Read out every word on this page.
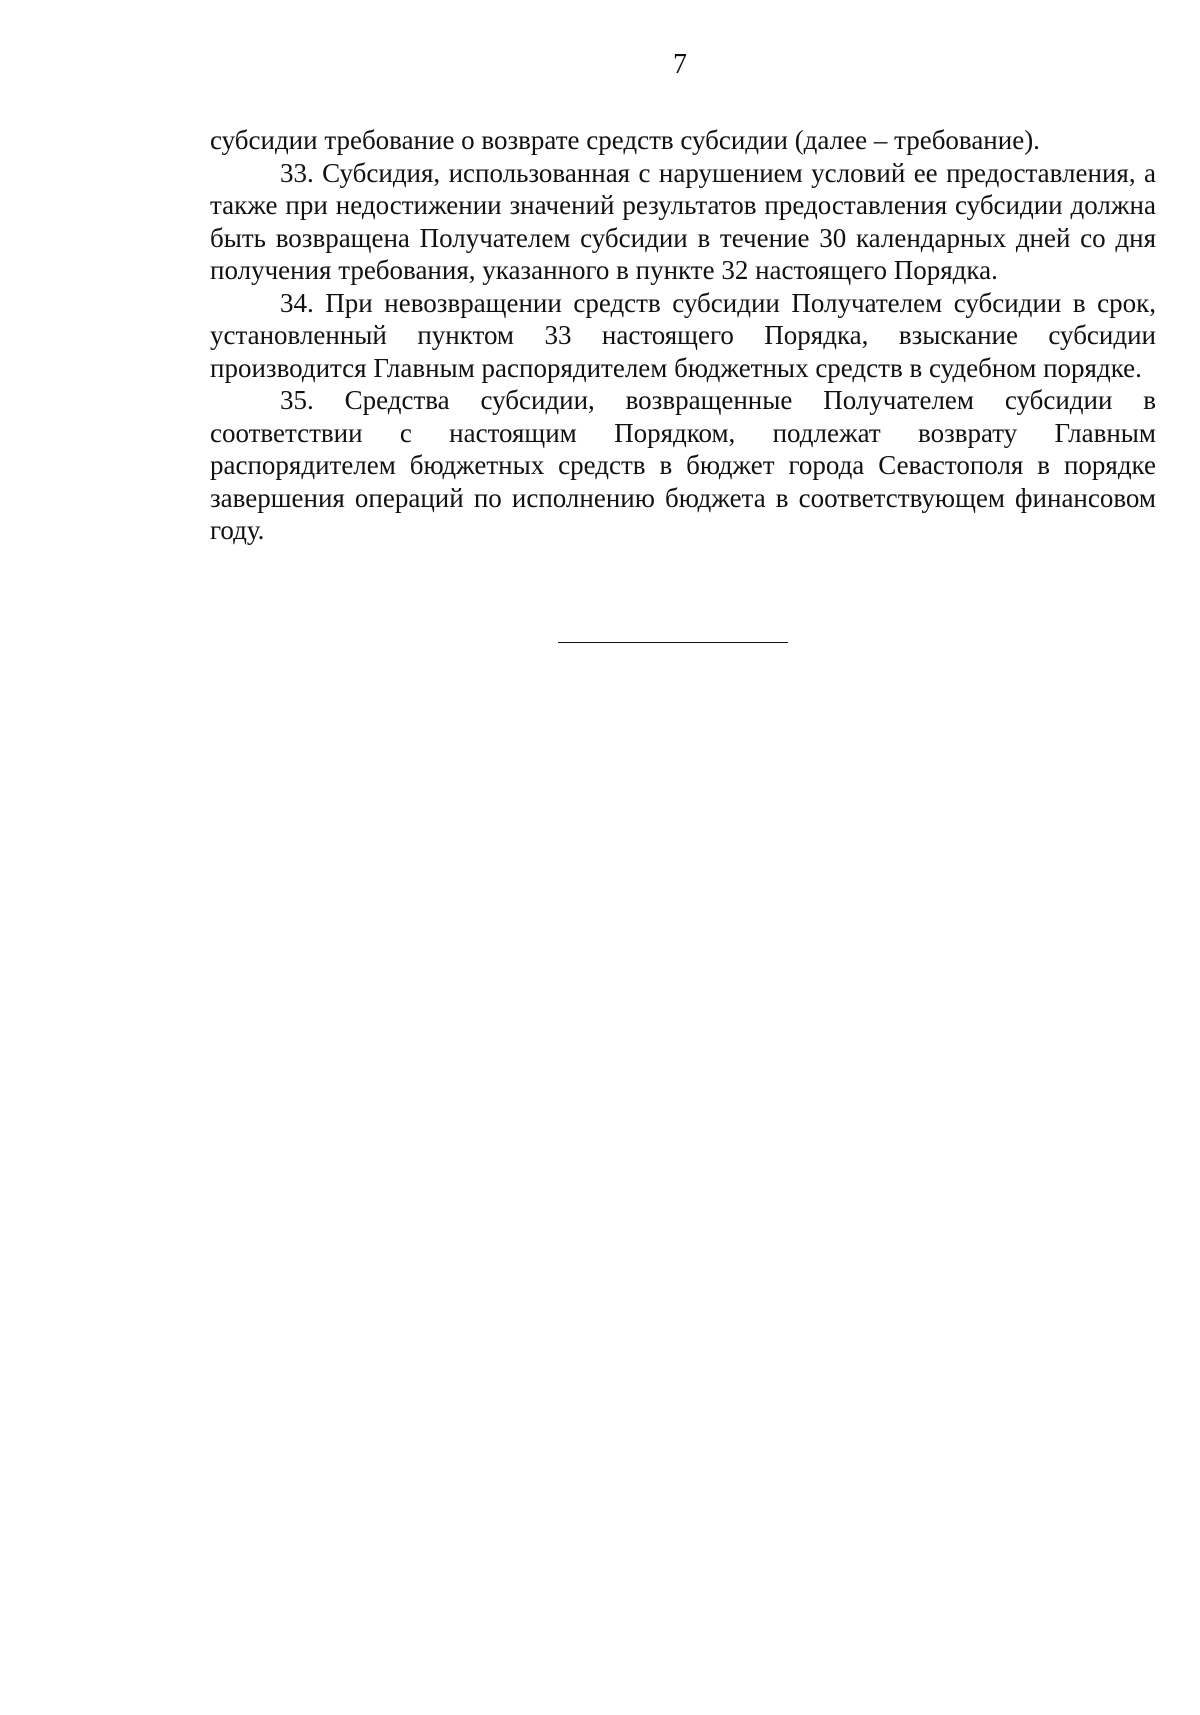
7

субсидии требование о возврате средств субсидии (далее – требование).

33. Субсидия, использованная с нарушением условий ее предоставления, а также при недостижении значений результатов предоставления субсидии должна быть возвращена Получателем субсидии в течение 30 календарных дней со дня получения требования, указанного в пункте 32 настоящего Порядка.

34. При невозвращении средств субсидии Получателем субсидии в срок, установленный пунктом 33 настоящего Порядка, взыскание субсидии производится Главным распорядителем бюджетных средств в судебном порядке.

35. Средства субсидии, возвращенные Получателем субсидии в соответствии с настоящим Порядком, подлежат возврату Главным распорядителем бюджетных средств в бюджет города Севастополя в порядке завершения операций по исполнению бюджета в соответствующем финансовом году.
